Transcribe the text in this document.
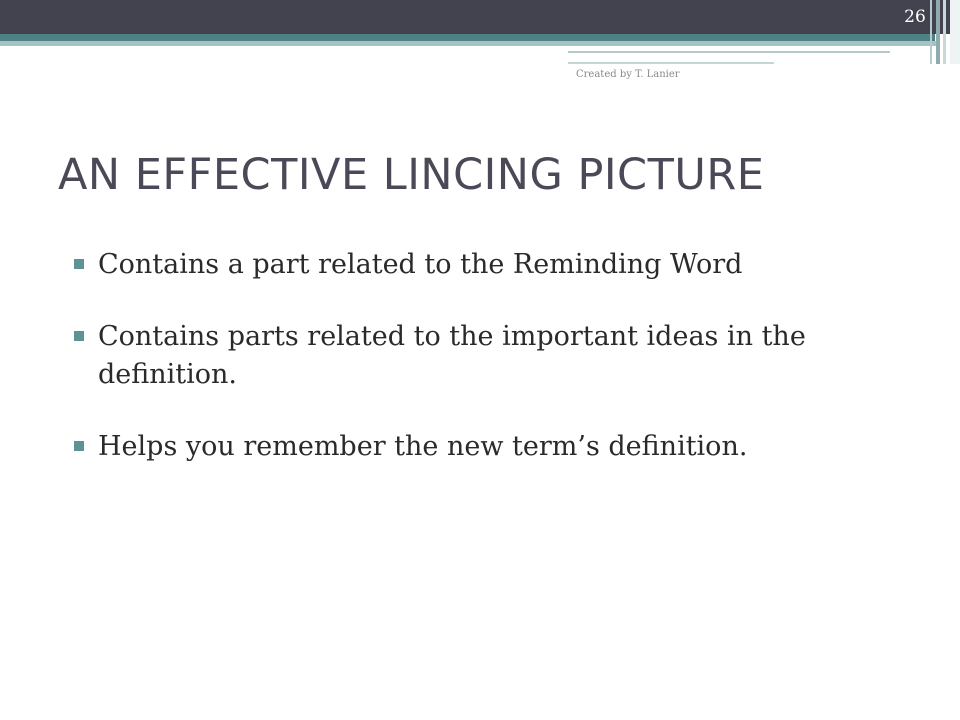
26
Created by T. Lanier
AN EFFECTIVE LINCING PICTURE
Contains a part related to the Reminding Word
Contains parts related to the important ideas in the definition.
Helps you remember the new term’s definition.
